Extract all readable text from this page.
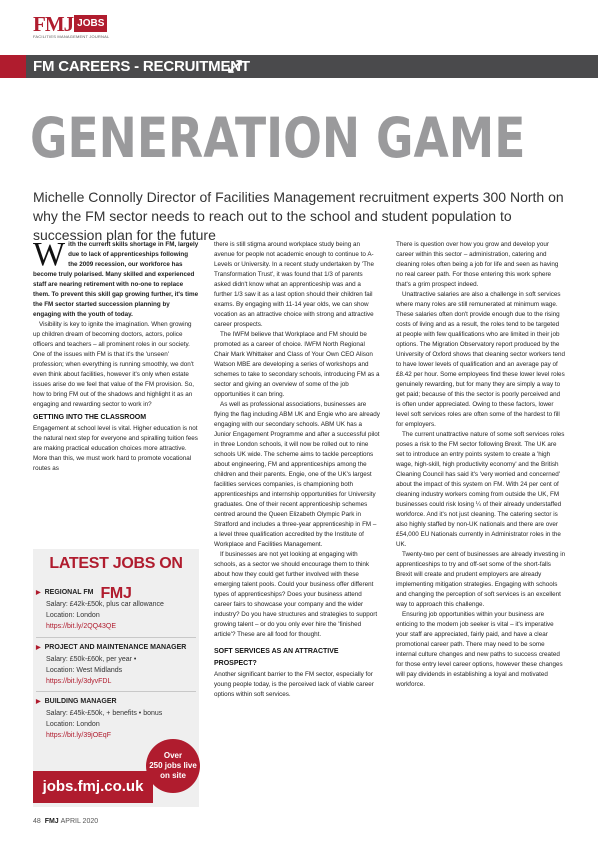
FMJ JOBS
FACILITIES MANAGEMENT JOURNAL
FM CAREERS - RECRUITMENT
GENERATION GAME
Michelle Connolly Director of Facilities Management recruitment experts 300 North on why the FM sector needs to reach out to the school and student population to succession plan for the future
W ith the current skills shortage in FM, largely due to lack of apprenticeships following the 2009 recession, our workforce has become truly polarised. Many skilled and experienced staff are nearing retirement with no-one to replace them. To prevent this skill gap growing further, it's time the FM sector started succession planning by engaging with the youth of today.

Visibility is key to ignite the imagination. When growing up children dream of becoming doctors, actors, police officers and teachers – all prominent roles in our society. One of the issues with FM is that it's the 'unseen' profession; when everything is running smoothly, we don't even think about facilities, however it's only when estate issues arise do we feel that value of the FM provision. So, how to bring FM out of the shadows and highlight it as an engaging and rewarding sector to work in?

GETTING INTO THE CLASSROOM

Engagement at school level is vital. Higher education is not the natural next step for everyone and spiralling tuition fees are making practical education choices more attractive. More than this, we must work hard to promote vocational routes as

LATEST JOBS ON FMJ
▶ REGIONAL FM
Salary: £42k-£50k, plus car allowance
Location: London
https://bit.ly/2QQ43QE
▶ PROJECT AND MAINTENANCE MANAGER
Salary: £50k-£60k, per year •
Location: West Midlands
https://bit.ly/3dyvFDL
▶ BUILDING MANAGER
Salary: £45k-£50k, + benefits • bonus
Location: London
https://bit.ly/39jOEqF
jobs.fmj.co.uk
Over
250 jobs live
on site

there is still stigma around workplace study being an avenue for people not academic enough to continue to A-Levels or University. In a recent study undertaken by 'The Transformation Trust', it was found that 1/3 of parents asked didn't know what an apprenticeship was and a further 1/3 saw it as a last option should their children fail exams. By engaging with 11-14 year olds, we can show vocation as an attractive choice with strong and attractive career prospects.

The IWFM believe that Workplace and FM should be promoted as a career of choice. IWFM North Regional Chair Mark Whittaker and Class of Your Own CEO Alison Watson MBE are developing a series of workshops and schemes to take to secondary schools, introducing FM as a sector and giving an overview of some of the job opportunities it can bring.

As well as professional associations, businesses are flying the flag including ABM UK and Engie who are already engaging with our secondary schools. ABM UK has a Junior Engagement Programme and after a successful pilot in three London schools, it will now be rolled out to nine schools UK wide. The scheme aims to tackle perceptions about engineering, FM and apprenticeships among the children and their parents. Engie, one of the UK's largest facilities services companies, is championing both apprenticeships and internship opportunities for University graduates. One of their recent apprenticeship schemes centred around the Queen Elizabeth Olympic Park in Stratford and includes a three-year apprenticeship in FM – a level three qualification accredited by the Institute of Workplace and Facilities Management.

If businesses are not yet looking at engaging with schools, as a sector we should encourage them to think about how they could get further involved with these emerging talent pools. Could your business offer different types of apprenticeships? Does your business attend career fairs to showcase your company and the wider industry? Do you have structures and strategies to support growing talent – or do you only ever hire the 'finished article'? These are all food for thought.

SOFT SERVICES AS AN ATTRACTIVE PROSPECT?

Another significant barrier to the FM sector, especially for young people today, is the perceived lack of viable career options within soft services.

There is question over how you grow and develop your career within this sector – administration, catering and cleaning roles often being a job for life and seen as having no real career path. For those entering this work sphere that's a grim prospect indeed.

Unattractive salaries are also a challenge in soft services where many roles are still remunerated at minimum wage. These salaries often don't provide enough due to the rising costs of living and as a result, the roles tend to be targeted at people with few qualifications who are limited in their job options. The Migration Observatory report produced by the University of Oxford shows that cleaning sector workers tend to have lower levels of qualification and an average pay of £8.42 per hour. Some employees find these lower level roles genuinely rewarding, but for many they are simply a way to get paid; because of this the sector is poorly perceived and is often under appreciated. Owing to these factors, lower level soft services roles are often some of the hardest to fill for employers.

The current unattractive nature of some soft services roles poses a risk to the FM sector following Brexit. The UK are set to introduce an entry points system to create a 'high wage, high-skill, high productivity economy' and the British Cleaning Council has said it's 'very worried and concerned' about the impact of this system on FM. With 24 per cent of cleaning industry workers coming from outside the UK, FM businesses could risk losing ¼ of their already understaffed workforce. And it's not just cleaning. The catering sector is also highly staffed by non-UK nationals and there are over £54,000 EU Nationals currently in Administrator roles in the UK.

Twenty-two per cent of businesses are already investing in apprenticeships to try and off-set some of the short-falls Brexit will create and prudent employers are already implementing mitigation strategies. Engaging with schools and changing the perception of soft services is an excellent way to approach this challenge.

Ensuring job opportunities within your business are enticing to the modern job seeker is vital – it's imperative your staff are appreciated, fairly paid, and have a clear promotional career path. There may need to be some internal culture changes and new paths to success created for those entry level career options, however these changes will pay dividends in establishing a loyal and motivated workforce.

48 FMJ APRIL 2020
